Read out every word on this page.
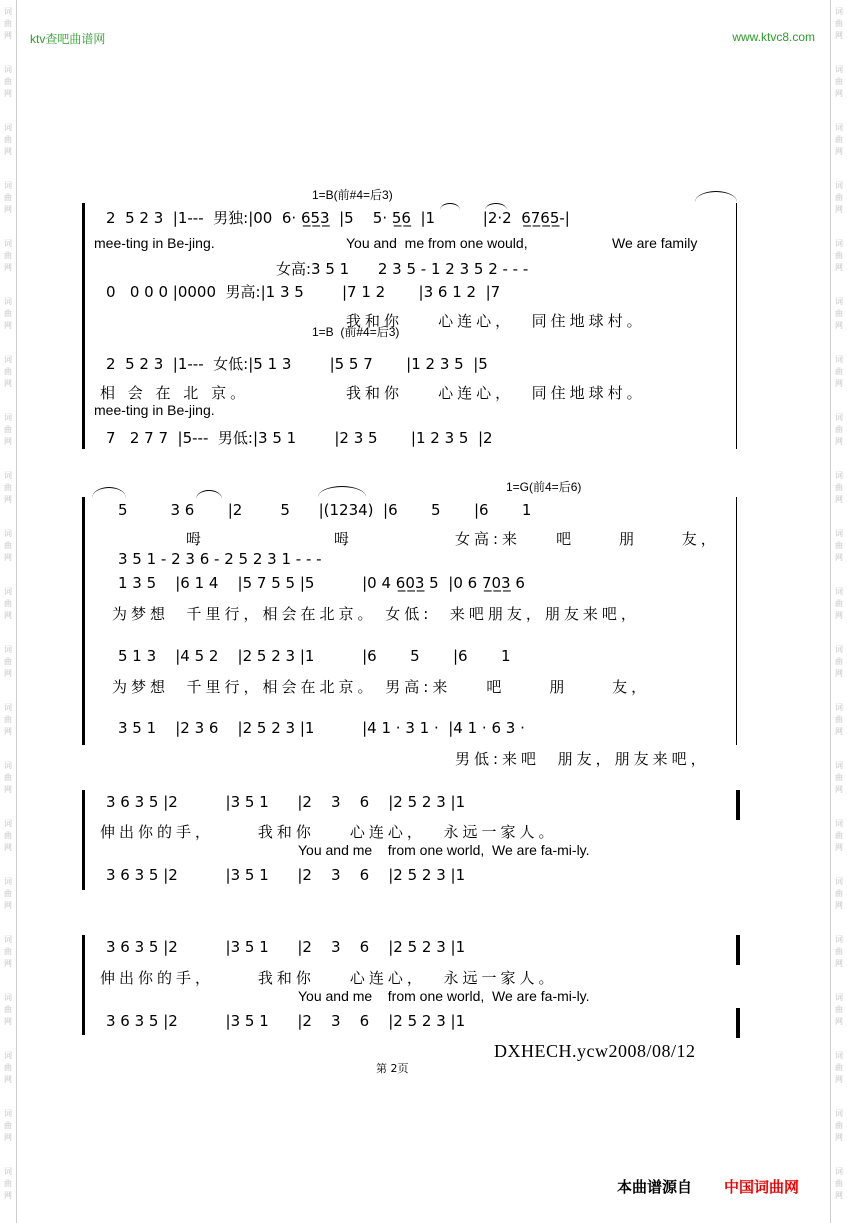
词
曲
网
词
曲
网
词
曲
网
词
曲
网
词
曲
网
词
曲
网
词
曲
网
词
曲
网
词
曲
网
词
曲
网
词
曲
网
词
曲
网
词
曲
网
词
曲
网
词
曲
网
词
曲
网
词
曲
网
词
曲
网
词
曲
网
词
曲
网
词
曲
网
词
曲
网
词
曲
网
词
曲
网
词
曲
网
词
曲
网
词
曲
网
词
曲
网
词
曲
网
词
曲
网
词
曲
网
词
曲
网
词
曲
网
词
曲
网
词
曲
网
词
曲
网
词
曲
网
词
曲
网
词
曲
网
词
曲
网
词
曲
网
词
曲
网
ktv查吧曲谱网	www.ktvc8.com
1=B(前#4=后3)
2  5 2 3  |1---  男独:|00  6· 6̲5̲3̲  |5    5· 5̲6̲  |1          |2·2  6̲7̲6̲5̲-|
mee-ting in Be-jing.	You and  me from one would,	We are family
女高:3 5 1      2 3 5 - 1 2 3 5 2 - - -
0   0 0 0 |0000  男高:|1 3 5        |7 1 2       |3 6 1 2  |7
我和你    心连心，  同住地球村。
1=B  (前#4=后3)
2  5 2 3  |1---  女低:|5 1 3        |5 5 7       |1 2 3 5  |5
相 会 在 北 京。	我和你    心连心，  同住地球村。
mee-ting in Be-jing.
7   2 7 7  |5---  男低:|3 5 1        |2 3 5       |1 2 3 5  |2
1=G(前4=后6)
5         3 6       |2        5      |(1234)  |6       5       |6       1
呣	呣	女高:来    吧     朋     友，
3 5 1 - 2 3 6 - 2 5 2 3 1 - - -
1 3 5    |6 1 4    |5 7 5 5 |5          |0 4 6̲0̲3̲ 5  |0 6 7̲0̲3̲ 6
为梦想  千里行，相会在北京。 女低:  来吧朋友，朋友来吧，
5 1 3    |4 5 2    |2 5 2 3 |1          |6       5       |6       1
为梦想  千里行，相会在北京。 男高:来    吧     朋     友，
3 5 1    |2 3 6    |2 5 2 3 |1          |4 1 · 3 1 ·  |4 1 · 6 3 ·
男低:来吧  朋友，朋友来吧，
3 6 3 5 |2          |3 5 1      |2    3    6    |2 5 2 3 |1
伸出你的手，     我和你    心连心，  永远一家人。
You and me    from one world,  We are fa-mi-ly.
3 6 3 5 |2          |3 5 1      |2    3    6    |2 5 2 3 |1
3 6 3 5 |2          |3 5 1      |2    3    6    |2 5 2 3 |1
伸出你的手，     我和你    心连心，  永远一家人。
You and me    from one world,  We are fa-mi-ly.
3 6 3 5 |2          |3 5 1      |2    3    6    |2 5 2 3 |1
DXHECH.ycw2008/08/12
第 2页
本曲谱源自 中国词曲网
